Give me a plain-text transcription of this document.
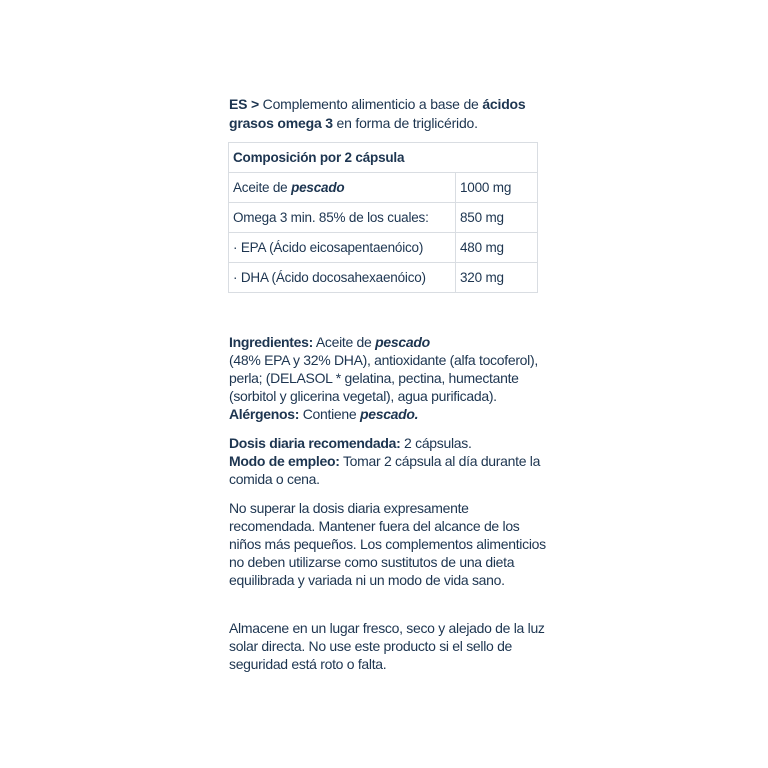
ES > Complemento alimenticio a base de ácidos grasos omega 3 en forma de triglicérido.
Composición por 2 cápsula	
Aceite de pescado	1000 mg
Omega 3 min. 85% de los cuales:	850 mg
· EPA (Ácido eicosapentaenóico)	480 mg
· DHA (Ácido docosahexaenóico)	320 mg

Ingredientes: Aceite de pescado
(48% EPA y 32% DHA), antioxidante (alfa tocoferol), perla; (DELASOL * gelatina, pectina, humectante (sorbitol y glicerina vegetal), agua purificada). Alérgenos: Contiene pescado.

Dosis diaria recomendada: 2 cápsulas.
Modo de empleo: Tomar 2 cápsula al día durante la comida o cena.

No superar la dosis diaria expresamente recomendada. Mantener fuera del alcance de los niños más pequeños. Los complementos alimenticios no deben utilizarse como sustitutos de una dieta equilibrada y variada ni un modo de vida sano.

Almacene en un lugar fresco, seco y alejado de la luz solar directa. No use este producto si el sello de seguridad está roto o falta.
